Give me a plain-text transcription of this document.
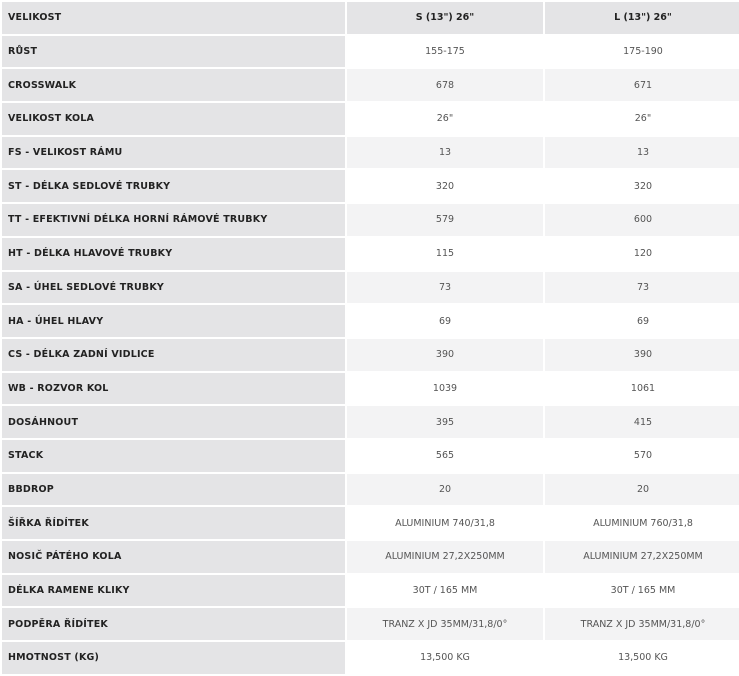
VELIKOST	S (13") 26"	L (13") 26"
RŮST	155-175	175-190
CROSSWALK	678	671
VELIKOST KOLA	26"	26"
FS - VELIKOST RÁMU	13	13
ST - DÉLKA SEDLOVÉ TRUBKY	320	320
TT - EFEKTIVNÍ DÉLKA HORNÍ RÁMOVÉ TRUBKY	579	600
HT - DÉLKA HLAVOVÉ TRUBKY	115	120
SA - ÚHEL SEDLOVÉ TRUBKY	73	73
HA - ÚHEL HLAVY	69	69
CS - DÉLKA ZADNÍ VIDLICE	390	390
WB - ROZVOR KOL	1039	1061
DOSÁHNOUT	395	415
STACK	565	570
BBDROP	20	20
ŠÍŘKA ŘÍDÍTEK	ALUMINIUM 740/31,8	ALUMINIUM 760/31,8
NOSIČ PÁTÉHO KOLA	ALUMINIUM 27,2X250MM	ALUMINIUM 27,2X250MM
DÉLKA RAMENE KLIKY	30T / 165 MM	30T / 165 MM
PODPĚRA ŘÍDÍTEK	TRANZ X JD 35MM/31,8/0°	TRANZ X JD 35MM/31,8/0°
HMOTNOST (KG)	13,500 KG	13,500 KG
